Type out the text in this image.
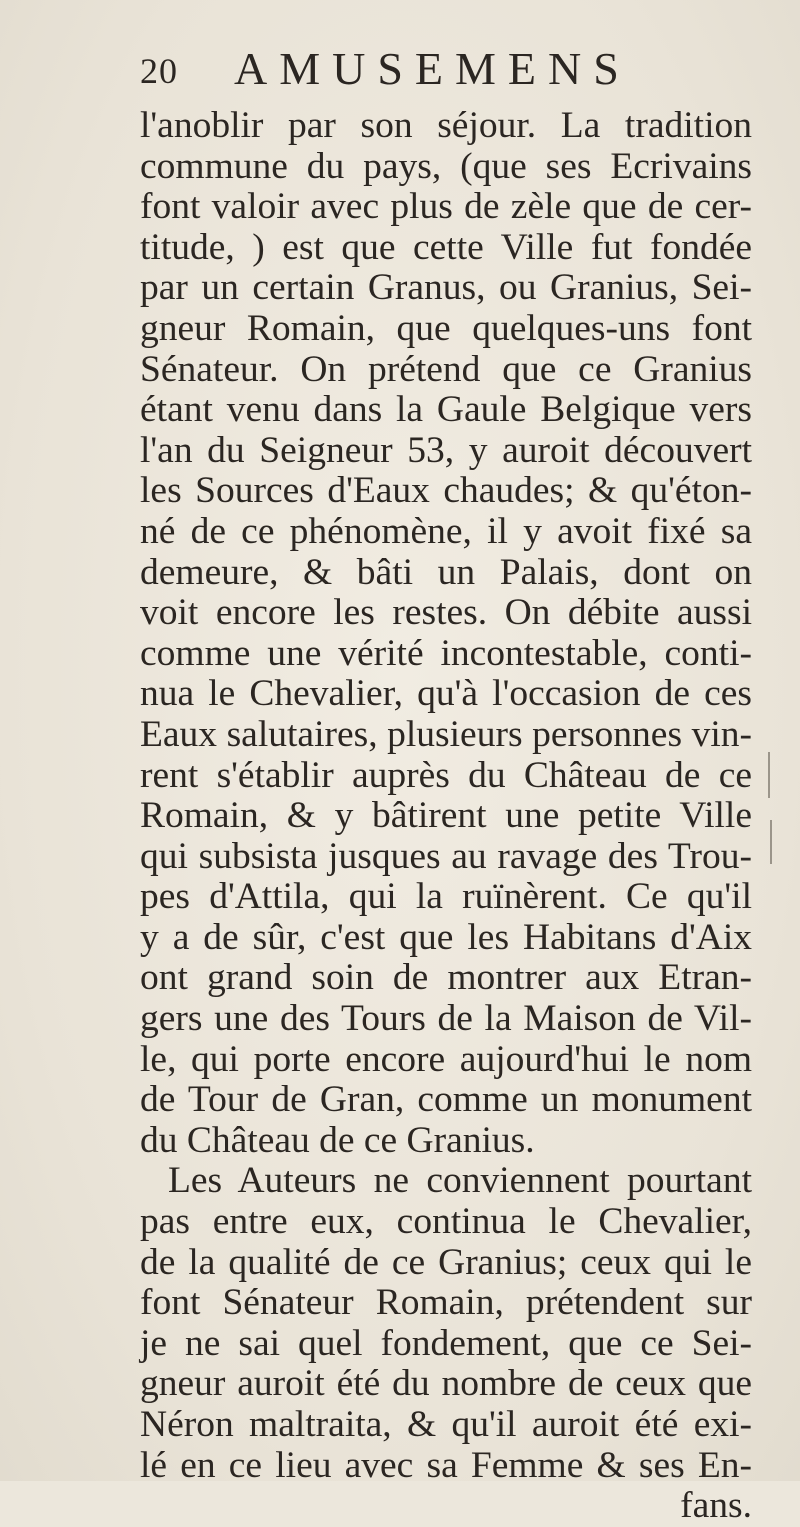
20 AMUSEMENS
l'anoblir par son séjour. La tradition
commune du pays, (que ses Ecrivains
font valoir avec plus de zèle que de cer-
titude, ) est que cette Ville fut fondée
par un certain Granus, ou Granius, Sei-
gneur Romain, que quelques-uns font
Sénateur. On prétend que ce Granius
étant venu dans la Gaule Belgique vers
l'an du Seigneur 53, y auroit découvert
les Sources d'Eaux chaudes; & qu'éton-
né de ce phénomène, il y avoit fixé sa
demeure, & bâti un Palais, dont on
voit encore les restes. On débite aussi
comme une vérité incontestable, conti-
nua le Chevalier, qu'à l'occasion de ces
Eaux salutaires, plusieurs personnes vin-
rent s'établir auprès du Château de ce
Romain, & y bâtirent une petite Ville
qui subsista jusques au ravage des Trou-
pes d'Attila, qui la ruïnèrent. Ce qu'il
y a de sûr, c'est que les Habitans d'Aix
ont grand soin de montrer aux Etran-
gers une des Tours de la Maison de Vil-
le, qui porte encore aujourd'hui le nom
de Tour de Gran, comme un monument
du Château de ce Granius.
Les Auteurs ne conviennent pourtant
pas entre eux, continua le Chevalier,
de la qualité de ce Granius; ceux qui le
font Sénateur Romain, prétendent sur
je ne sai quel fondement, que ce Sei-
gneur auroit été du nombre de ceux que
Néron maltraita, & qu'il auroit été exi-
lé en ce lieu avec sa Femme & ses En-
fans.
